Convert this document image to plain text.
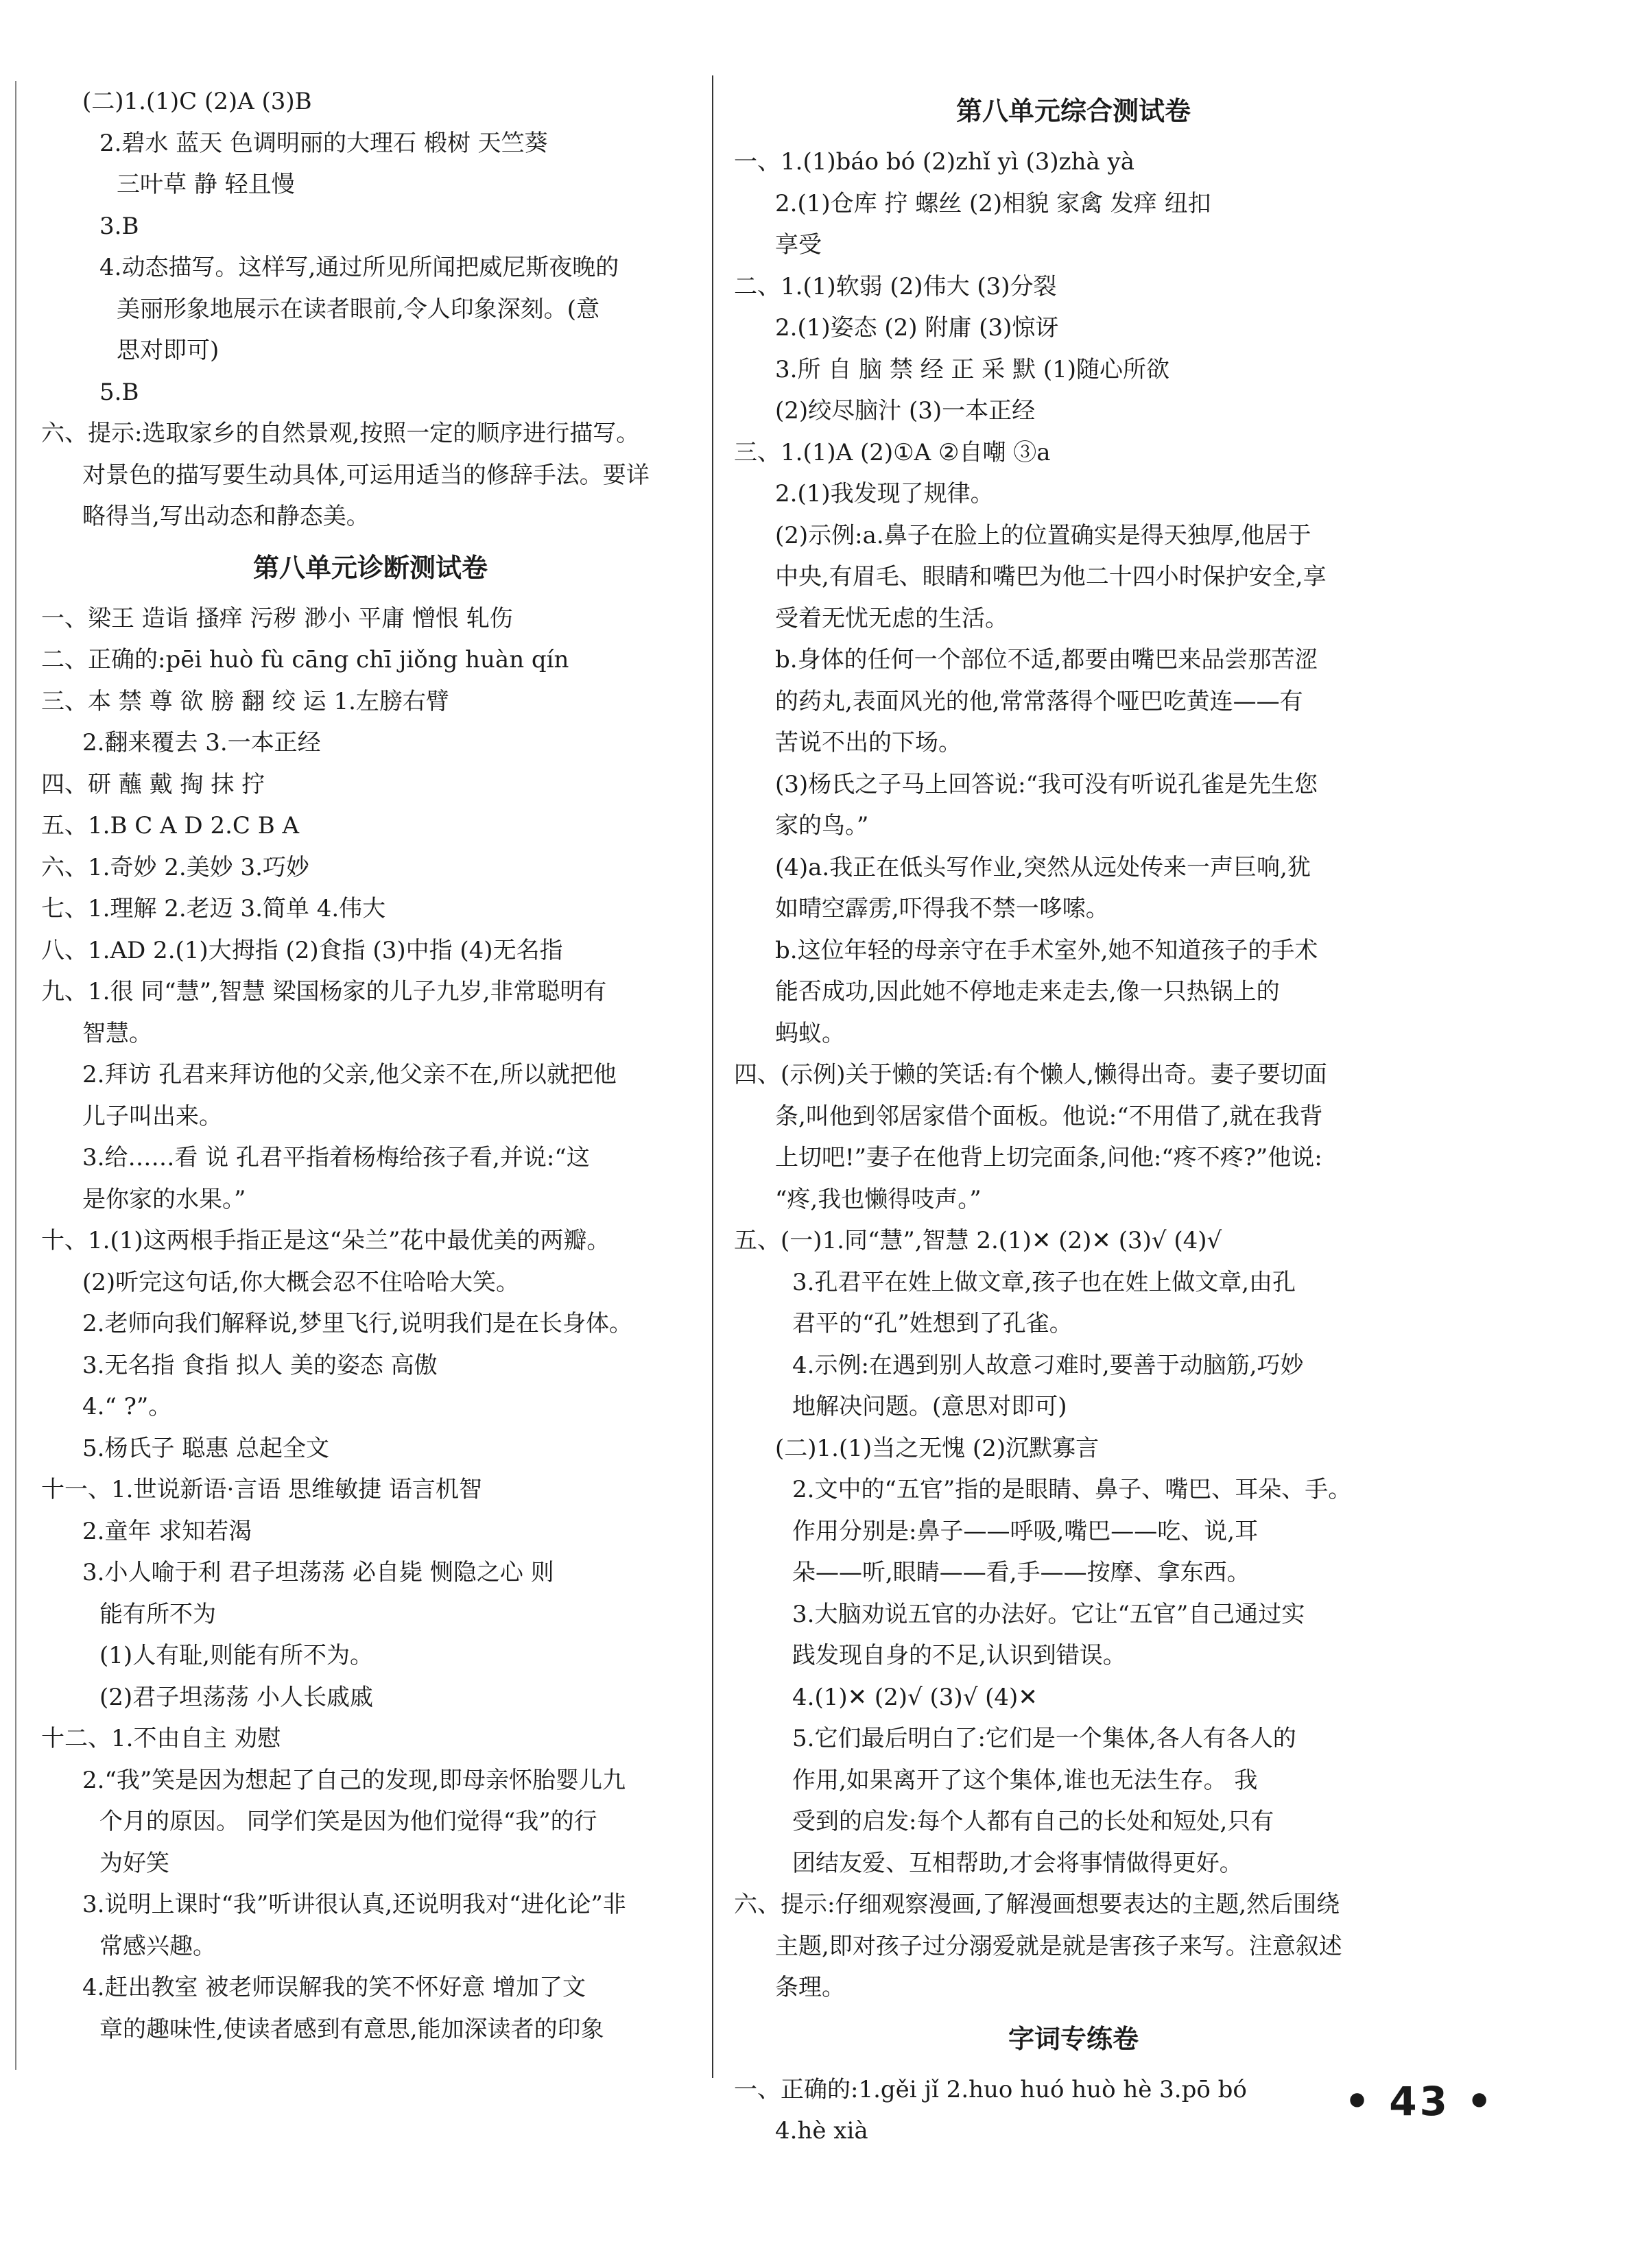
(二)1.(1)C (2)A (3)B
2.碧水 蓝天 色调明丽的大理石 椴树 天竺葵
三叶草 静 轻且慢
3.B
4.动态描写。这样写,通过所见所闻把威尼斯夜晚的
美丽形象地展示在读者眼前,令人印象深刻。(意
思对即可)
5.B
六、提示:选取家乡的自然景观,按照一定的顺序进行描写。
对景色的描写要生动具体,可运用适当的修辞手法。要详
略得当,写出动态和静态美。
第八单元诊断测试卷
一、梁王 造诣 搔痒 污秽 渺小 平庸 憎恨 轧伤
二、正确的:pēi huò fù cāng chī jiǒng huàn qín
三、本 禁 尊 欲 膀 翻 绞 运 1.左膀右臂
2.翻来覆去 3.一本正经
四、研 蘸 戴 掏 抹 拧
五、1.B C A D 2.C B A
六、1.奇妙 2.美妙 3.巧妙
七、1.理解 2.老迈 3.简单 4.伟大
八、1.AD 2.(1)大拇指 (2)食指 (3)中指 (4)无名指
九、1.很 同“慧”,智慧 梁国杨家的儿子九岁,非常聪明有
智慧。
2.拜访 孔君来拜访他的父亲,他父亲不在,所以就把他
儿子叫出来。
3.给……看 说 孔君平指着杨梅给孩子看,并说:“这
是你家的水果。”
十、1.(1)这两根手指正是这“朵兰”花中最优美的两瓣。
(2)听完这句话,你大概会忍不住哈哈大笑。
2.老师向我们解释说,梦里飞行,说明我们是在长身体。
3.无名指 食指 拟人 美的姿态 高傲
4.“ ?”。
5.杨氏子 聪惠 总起全文
十一、1.世说新语·言语 思维敏捷 语言机智
2.童年 求知若渴
3.小人喻于利 君子坦荡荡 必自毙 恻隐之心 则
能有所不为
(1)人有耻,则能有所不为。
(2)君子坦荡荡 小人长戚戚
十二、1.不由自主 劝慰
2.“我”笑是因为想起了自己的发现,即母亲怀胎婴儿九
个月的原因。 同学们笑是因为他们觉得“我”的行
为好笑
3.说明上课时“我”听讲很认真,还说明我对“进化论”非
常感兴趣。
4.赶出教室 被老师误解我的笑不怀好意 增加了文
章的趣味性,使读者感到有意思,能加深读者的印象
第八单元综合测试卷
一、1.(1)báo bó (2)zhǐ yì (3)zhà yà
2.(1)仓库 拧 螺丝 (2)相貌 家禽 发痒 纽扣
享受
二、1.(1)软弱 (2)伟大 (3)分裂
2.(1)姿态 (2) 附庸 (3)惊讶
3.所 自 脑 禁 经 正 采 默 (1)随心所欲
(2)绞尽脑汁 (3)一本正经
三、1.(1)A (2)①A ②自嘲 ③a
2.(1)我发现了规律。
(2)示例:a.鼻子在脸上的位置确实是得天独厚,他居于
中央,有眉毛、眼睛和嘴巴为他二十四小时保护安全,享
受着无忧无虑的生活。
b.身体的任何一个部位不适,都要由嘴巴来品尝那苦涩
的药丸,表面风光的他,常常落得个哑巴吃黄连——有
苦说不出的下场。
(3)杨氏之子马上回答说:“我可没有听说孔雀是先生您
家的鸟。”
(4)a.我正在低头写作业,突然从远处传来一声巨响,犹
如晴空霹雳,吓得我不禁一哆嗦。
b.这位年轻的母亲守在手术室外,她不知道孩子的手术
能否成功,因此她不停地走来走去,像一只热锅上的
蚂蚁。
四、(示例)关于懒的笑话:有个懒人,懒得出奇。妻子要切面
条,叫他到邻居家借个面板。他说:“不用借了,就在我背
上切吧!”妻子在他背上切完面条,问他:“疼不疼?”他说:
“疼,我也懒得吱声。”
五、(一)1.同“慧”,智慧 2.(1)✕ (2)✕ (3)√ (4)√
3.孔君平在姓上做文章,孩子也在姓上做文章,由孔
君平的“孔”姓想到了孔雀。
4.示例:在遇到别人故意刁难时,要善于动脑筋,巧妙
地解决问题。(意思对即可)
(二)1.(1)当之无愧 (2)沉默寡言
2.文中的“五官”指的是眼睛、鼻子、嘴巴、耳朵、手。
作用分别是:鼻子——呼吸,嘴巴——吃、说,耳
朵——听,眼睛——看,手——按摩、拿东西。
3.大脑劝说五官的办法好。它让“五官”自己通过实
践发现自身的不足,认识到错误。
4.(1)✕ (2)√ (3)√ (4)✕
5.它们最后明白了:它们是一个集体,各人有各人的
作用,如果离开了这个集体,谁也无法生存。 我
受到的启发:每个人都有自己的长处和短处,只有
团结友爱、互相帮助,才会将事情做得更好。
六、提示:仔细观察漫画,了解漫画想要表达的主题,然后围绕
主题,即对孩子过分溺爱就是就是害孩子来写。注意叙述
条理。
字词专练卷
一、正确的:1.gěi jǐ 2.huo huó huò hè 3.pō bó
4.hè xià
• 43 •
